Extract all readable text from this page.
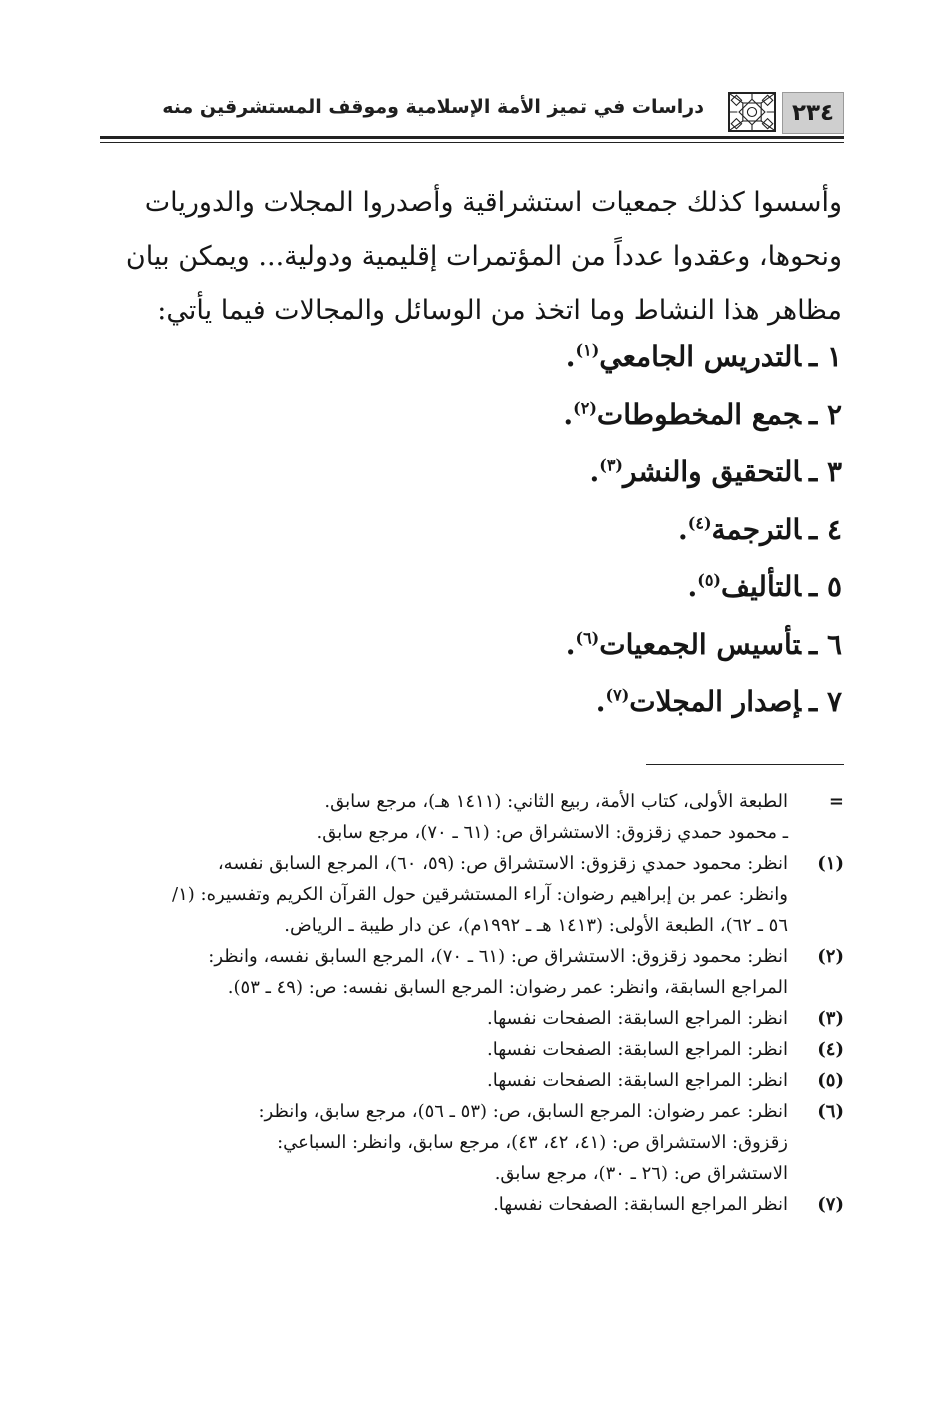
٢٣٤
دراسات في تميز الأمة الإسلامية وموقف المستشرقين منه
وأسسوا كذلك جمعيات استشراقية وأصدروا المجلات والدوريات
ونحوها، وعقدوا عدداً من المؤتمرات إقليمية ودولية... ويمكن بيان
مظاهر هذا النشاط وما اتخذ من الوسائل والمجالات فيما يأتي:
١ ـالتدريس الجامعي$^{(١)}$.
٢ ـجمع المخطوطات$^{(٢)}$.
٣ ـالتحقيق والنشر$^{(٣)}$.
٤ ـالترجمة$^{(٤)}$.
٥ ـالتأليف$^{(٥)}$.
٦ ـتأسيس الجمعيات$^{(٦)}$.
٧ ـإصدار المجلات$^{(٧)}$.
=
الطبعة الأولى، كتاب الأمة، ربيع الثاني: (١٤١١ هـ)، مرجع سابق.
ـ محمود حمدي زقزوق: الاستشراق ص: (٦١ ـ ٧٠)، مرجع سابق.
(١)
انظر: محمود حمدي زقزوق: الاستشراق ص: (٥٩، ٦٠)، المرجع السابق نفسه،
وانظر: عمر بن إبراهيم رضوان: آراء المستشرقين حول القرآن الكريم وتفسيره: (١/
٥٦ ـ ٦٢)، الطبعة الأولى: (١٤١٣ هـ ـ ١٩٩٢م)، عن دار طيبة ـ الرياض.
(٢)
انظر: محمود زقزوق: الاستشراق ص: (٦١ ـ ٧٠)، المرجع السابق نفسه، وانظر:
المراجع السابقة، وانظر: عمر رضوان: المرجع السابق نفسه: ص: (٤٩ ـ ٥٣).
(٣)
انظر: المراجع السابقة: الصفحات نفسها.
(٤)
انظر: المراجع السابقة: الصفحات نفسها.
(٥)
انظر: المراجع السابقة: الصفحات نفسها.
(٦)
انظر: عمر رضوان: المرجع السابق، ص: (٥٣ ـ ٥٦)، مرجع سابق، وانظر:
زقزوق: الاستشراق ص: (٤١، ٤٢، ٤٣)، مرجع سابق، وانظر: السباعي:
الاستشراق ص: (٢٦ ـ ٣٠)، مرجع سابق.
(٧)
انظر المراجع السابقة: الصفحات نفسها.
